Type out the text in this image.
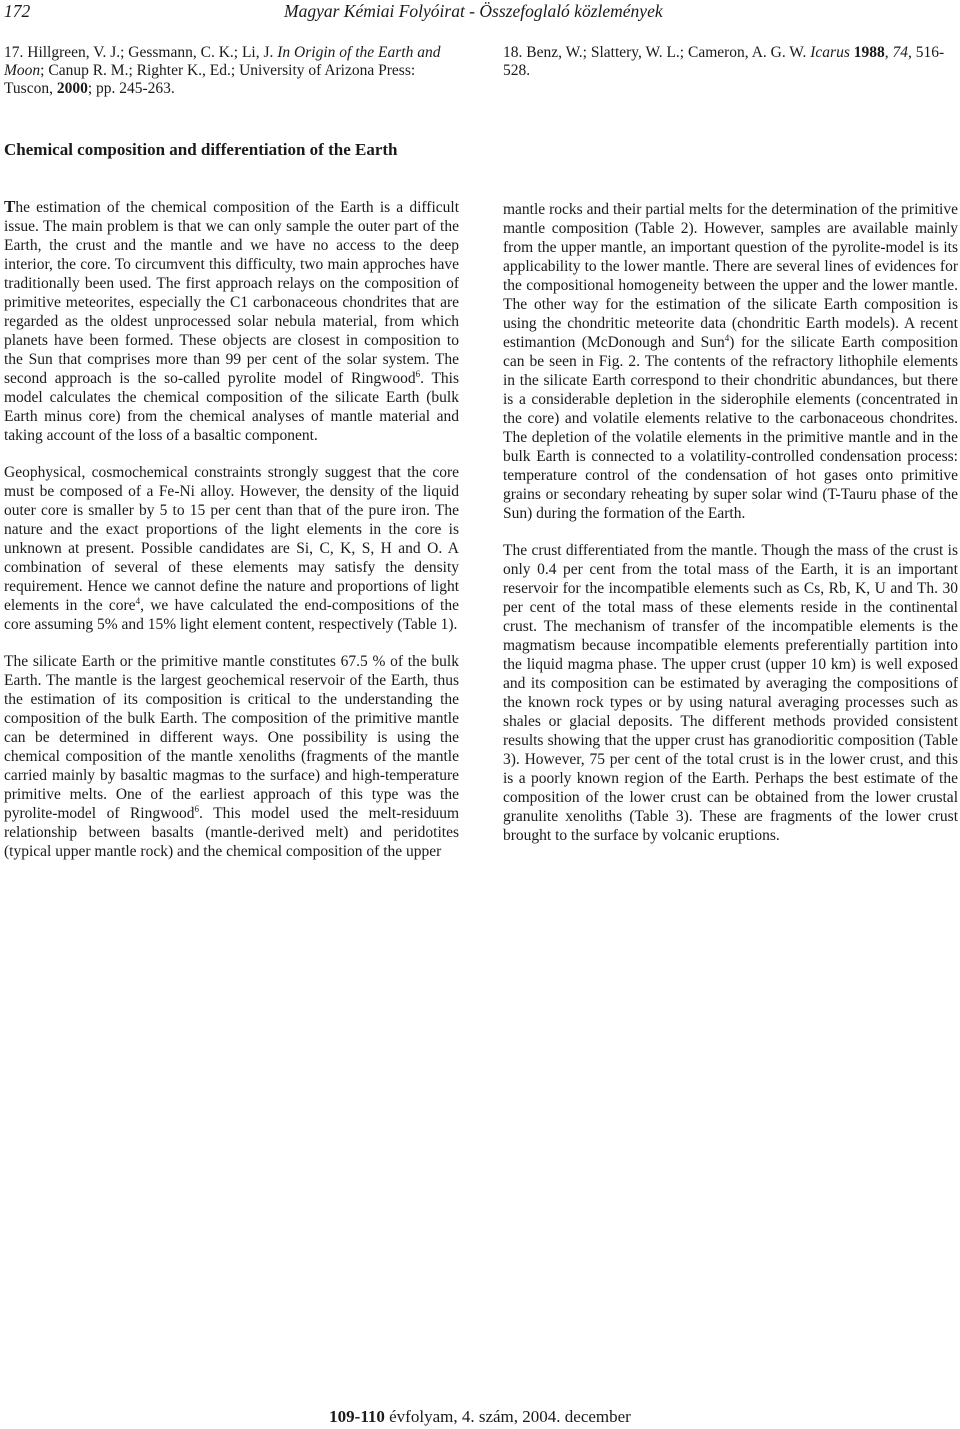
172	Magyar Kémiai Folyóirat - Összefoglaló közlemények
17. Hillgreen, V. J.; Gessmann, C. K.; Li, J. In Origin of the Earth and Moon; Canup R. M.; Righter K., Ed.; University of Arizona Press: Tuscon, 2000; pp. 245-263.
18. Benz, W.; Slattery, W. L.; Cameron, A. G. W. Icarus 1988, 74, 516-528.
Chemical composition and differentiation of the Earth

The estimation of the chemical composition of the Earth is a difficult issue. The main problem is that we can only sample the outer part of the Earth, the crust and the mantle and we have no access to the deep interior, the core. To circumvent this difficulty, two main approches have traditionally been used. The first approach relays on the composition of primitive meteorites, especially the C1 carbonaceous chondrites that are regarded as the oldest unprocessed solar nebula material, from which planets have been formed. These objects are closest in composition to the Sun that comprises more than 99 per cent of the solar system. The second approach is the so-called pyrolite model of Ringwood$^6$. This model calculates the chemical composition of the silicate Earth (bulk Earth minus core) from the chemical analyses of mantle material and taking account of the loss of a basaltic component.

Geophysical, cosmochemical constraints strongly suggest that the core must be composed of a Fe-Ni alloy. However, the density of the liquid outer core is smaller by 5 to 15 per cent than that of the pure iron. The nature and the exact proportions of the light elements in the core is unknown at present. Possible candidates are Si, C, K, S, H and O. A combination of several of these elements may satisfy the density requirement. Hence we cannot define the nature and proportions of light elements in the core$^4$, we have calculated the end-compositions of the core assuming 5% and 15% light element content, respectively (Table 1).

The silicate Earth or the primitive mantle constitutes 67.5 % of the bulk Earth. The mantle is the largest geochemical reservoir of the Earth, thus the estimation of its composition is critical to the understanding the composition of the bulk Earth. The composition of the primitive mantle can be determined in different ways. One possibility is using the chemical composition of the mantle xenoliths (fragments of the mantle carried mainly by basaltic magmas to the surface) and high-temperature primitive melts. One of the earliest approach of this type was the pyrolite-model of Ringwood$^6$. This model used the melt-residuum relationship between basalts (mantle-derived melt) and peridotites (typical upper mantle rock) and the chemical composition of the upper

mantle rocks and their partial melts for the determination of the primitive mantle composition (Table 2). However, samples are available mainly from the upper mantle, an important question of the pyrolite-model is its applicability to the lower mantle. There are several lines of evidences for the compositional homogeneity between the upper and the lower mantle. The other way for the estimation of the silicate Earth composition is using the chondritic meteorite data (chondritic Earth models). A recent estimantion (McDonough and Sun$^4$) for the silicate Earth composition can be seen in Fig. 2. The contents of the refractory lithophile elements in the silicate Earth correspond to their chondritic abundances, but there is a considerable depletion in the siderophile elements (concentrated in the core) and volatile elements relative to the carbonaceous chondrites. The depletion of the volatile elements in the primitive mantle and in the bulk Earth is connected to a volatility-controlled condensation process: temperature control of the condensation of hot gases onto primitive grains or secondary reheating by super solar wind (T-Tauru phase of the Sun) during the formation of the Earth.

The crust differentiated from the mantle. Though the mass of the crust is only 0.4 per cent from the total mass of the Earth, it is an important reservoir for the incompatible elements such as Cs, Rb, K, U and Th. 30 per cent of the total mass of these elements reside in the continental crust. The mechanism of transfer of the incompatible elements is the magmatism because incompatible elements preferentially partition into the liquid magma phase. The upper crust (upper 10 km) is well exposed and its composition can be estimated by averaging the compositions of the known rock types or by using natural averaging processes such as shales or glacial deposits. The different methods provided consistent results showing that the upper crust has granodioritic composition (Table 3). However, 75 per cent of the total crust is in the lower crust, and this is a poorly known region of the Earth. Perhaps the best estimate of the composition of the lower crust can be obtained from the lower crustal granulite xenoliths (Table 3). These are fragments of the lower crust brought to the surface by volcanic eruptions.

109-110 évfolyam, 4. szám, 2004. december
